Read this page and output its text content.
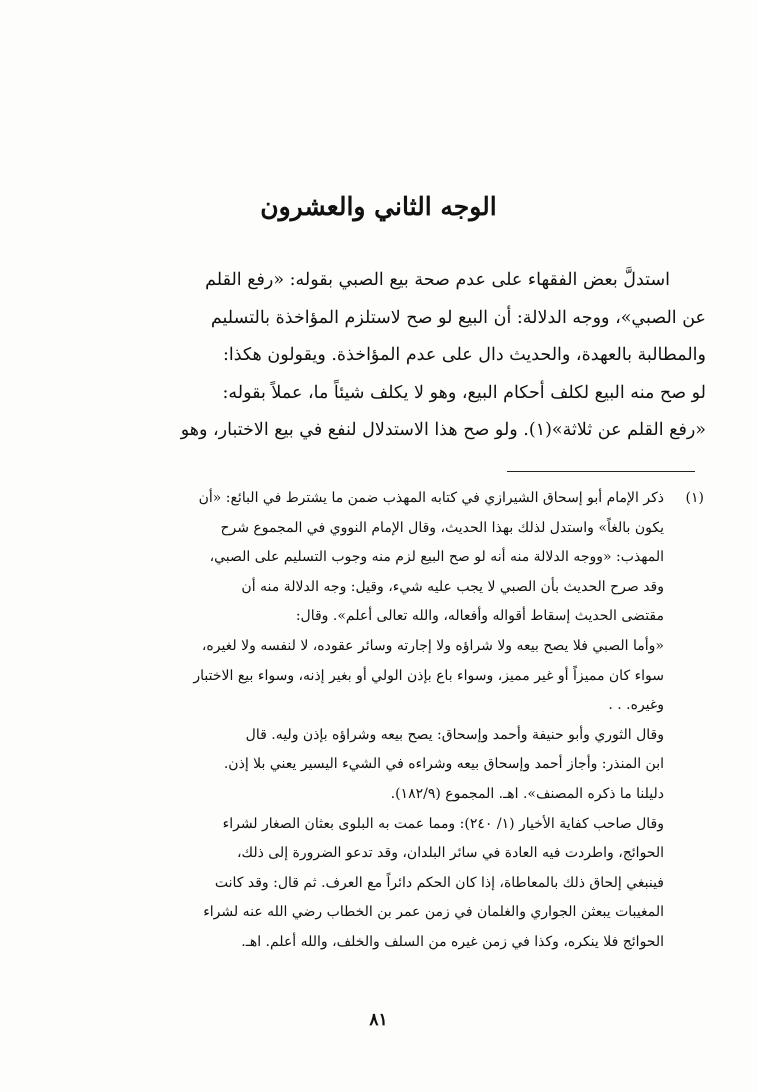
الوجه الثاني والعشرون
استدلَّ بعض الفقهاء على عدم صحة بيع الصبي بقوله: «رفع القلم
عن الصبي»، ووجه الدلالة: أن البيع لو صح لاستلزم المؤاخذة بالتسليم
والمطالبة بالعهدة، والحديث دال على عدم المؤاخذة. ويقولون هكذا:
لو صح منه البيع لكلف أحكام البيع، وهو لا يكلف شيئاً ما، عملاً بقوله:
«رفع القلم عن ثلاثة»(١). ولو صح هذا الاستدلال لنفع في بيع الاختبار، وهو
(١)
ذكر الإمام أبو إسحاق الشيرازي في كتابه المهذب ضمن ما يشترط في البائع: «أن
يكون بالغاً» واستدل لذلك بهذا الحديث، وقال الإمام النووي في المجموع شرح
المهذب: «ووجه الدلالة منه أنه لو صح البيع لزم منه وجوب التسليم على الصبي،
وقد صرح الحديث بأن الصبي لا يجب عليه شيء، وقيل: وجه الدلالة منه أن
مقتضى الحديث إسقاط أقواله وأفعاله، والله تعالى أعلم». وقال:
«وأما الصبي فلا يصح بيعه ولا شراؤه ولا إجارته وسائر عقوده، لا لنفسه ولا لغيره،
سواء كان مميزاً أو غير مميز، وسواء باع بإذن الولي أو بغير إذنه، وسواء بيع الاختبار
وغيره. . .
وقال الثوري وأبو حنيفة وأحمد وإسحاق: يصح بيعه وشراؤه بإذن وليه. قال
ابن المنذر: وأجاز أحمد وإسحاق بيعه وشراءه في الشيء اليسير يعني بلا إذن.
دليلنا ما ذكره المصنف». اهـ. المجموع (١٨٢/٩).
وقال صاحب كفاية الأخيار (١/ ٢٤٠): ومما عمت به البلوى بعثان الصغار لشراء
الحوائج، واطردت فيه العادة في سائر البلدان، وقد تدعو الضرورة إلى ذلك،
فينبغي إلحاق ذلك بالمعاطاة، إذا كان الحكم دائراً مع العرف. ثم قال: وقد كانت
المغيبات يبعثن الجواري والغلمان في زمن عمر بن الخطاب رضي الله عنه لشراء
الحوائج فلا ينكره، وكذا في زمن غيره من السلف والخلف، والله أعلم. اهـ.
٨١
